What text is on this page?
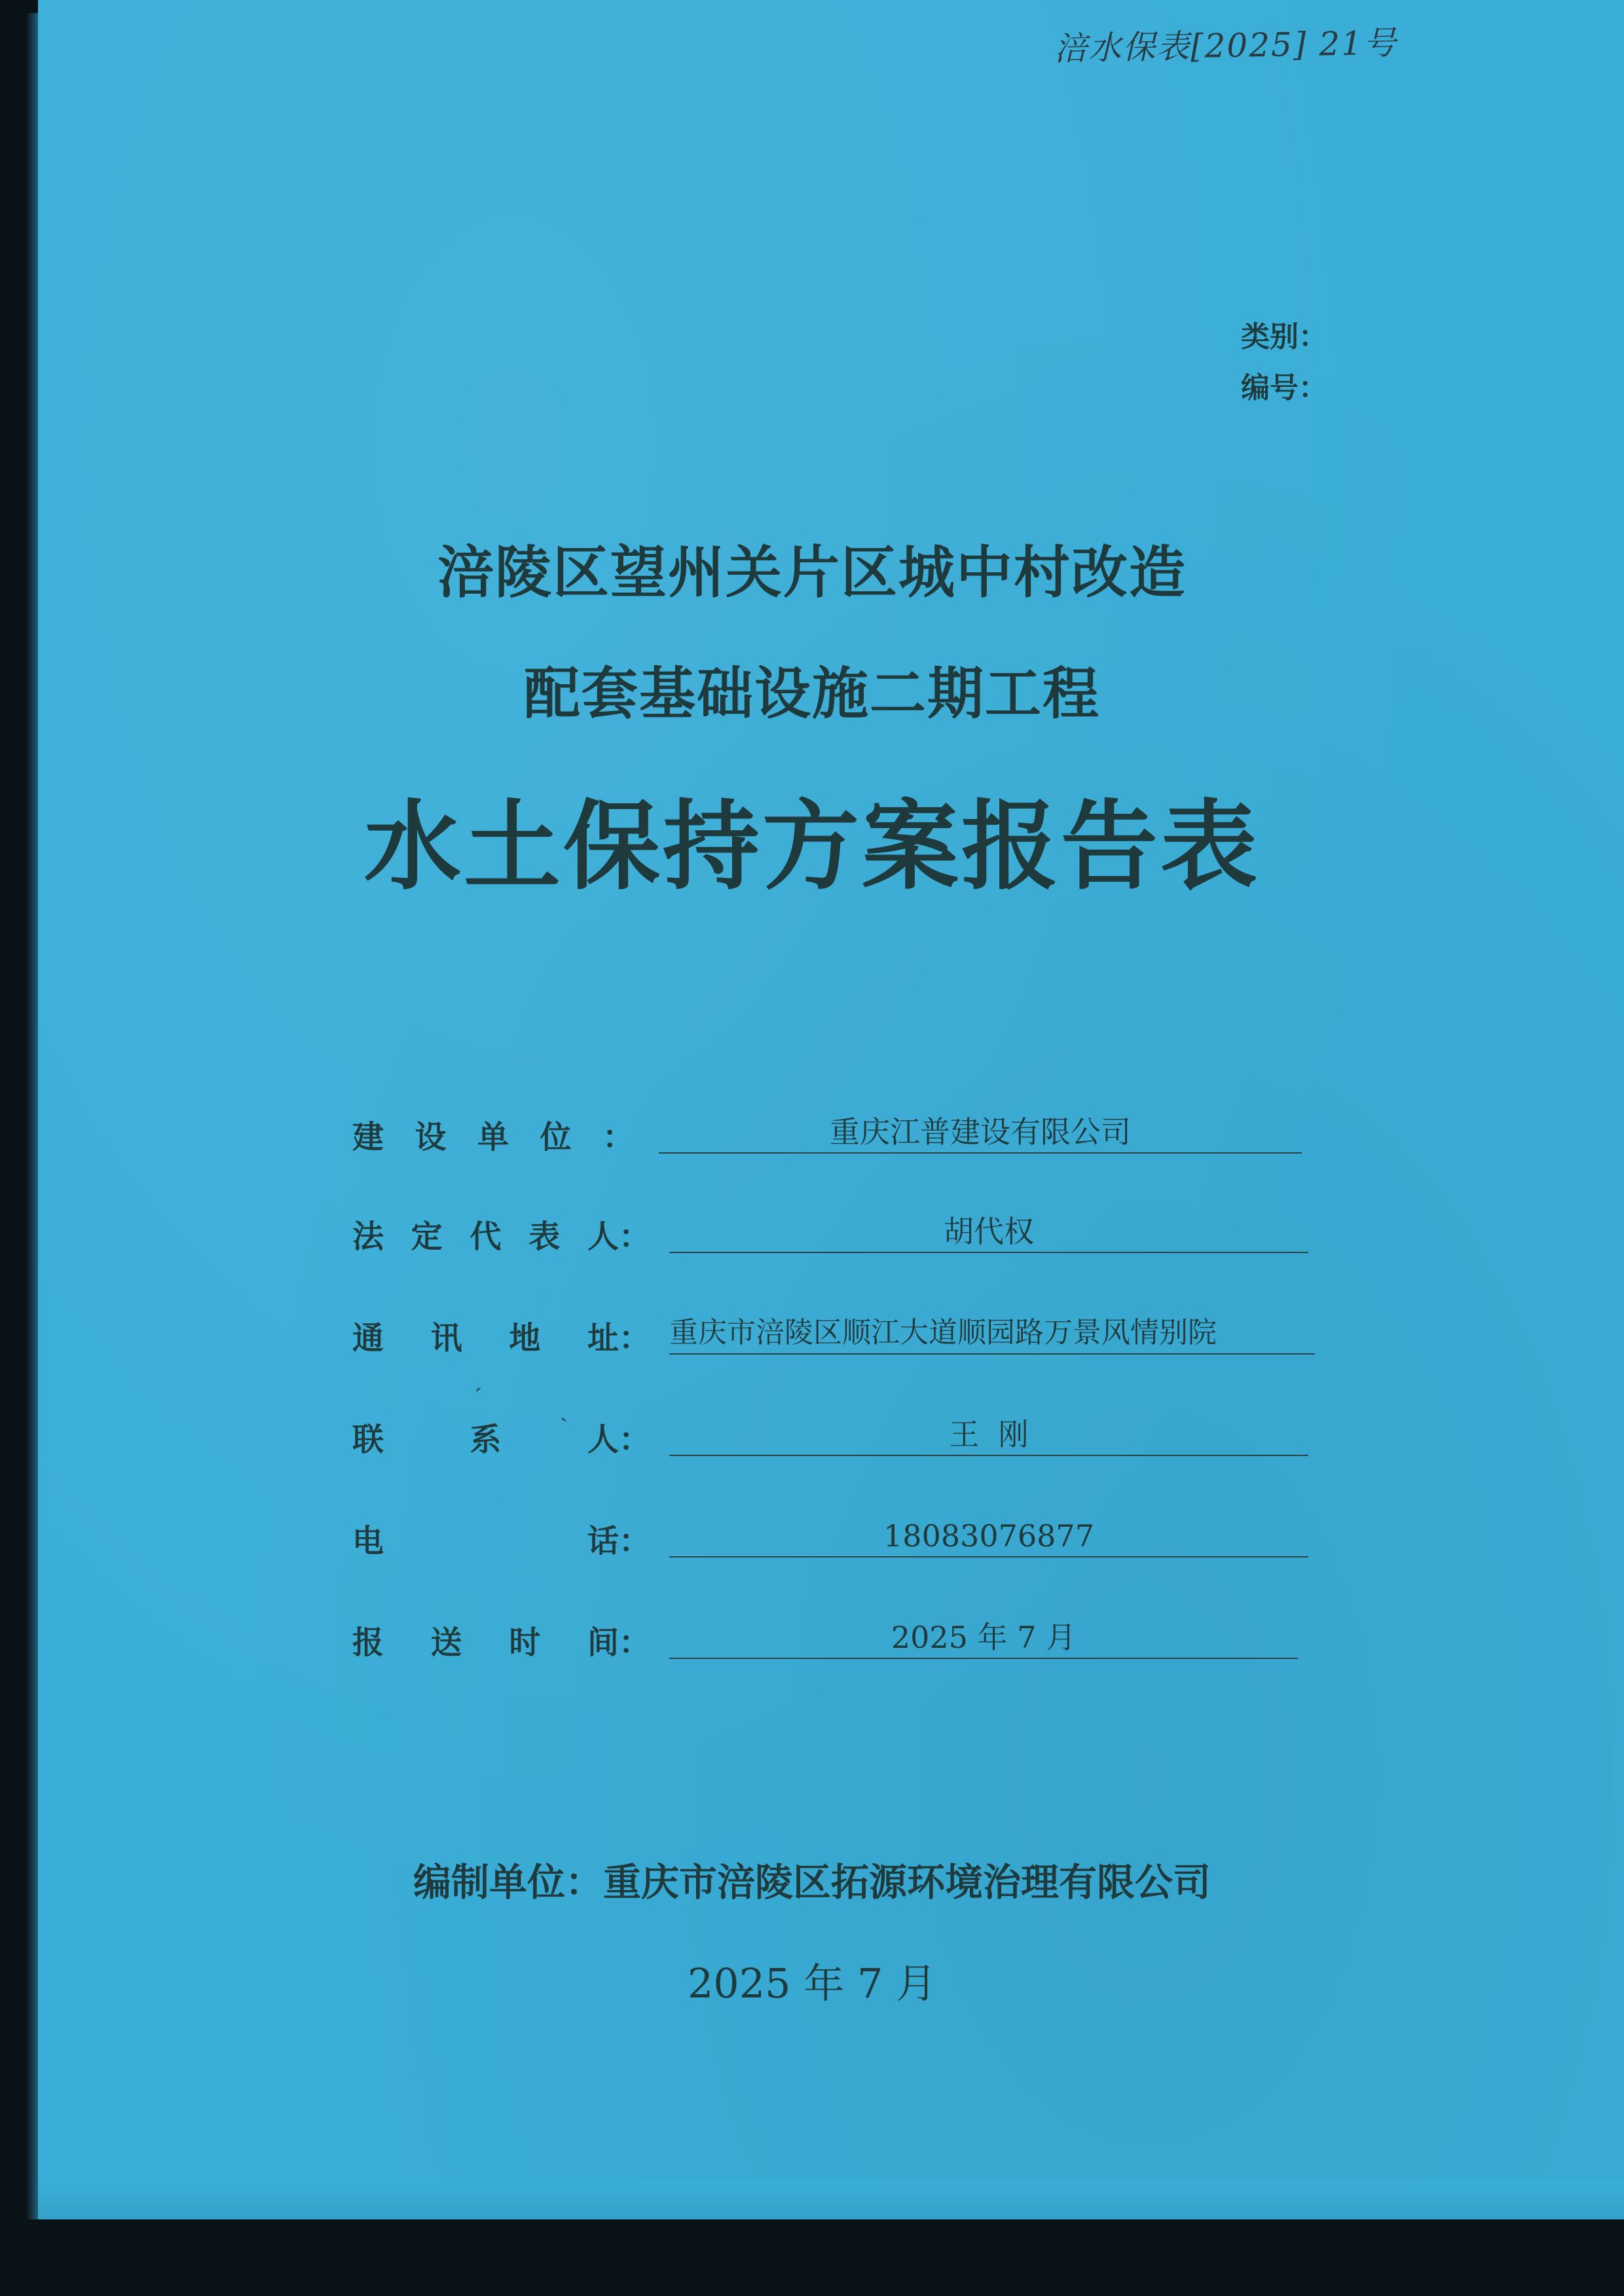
涪水保表[2025] 21号
类别：
编号：
涪陵区望州关片区城中村改造
配套基础设施二期工程
水土保持方案报告表
建 设 单 位 ：	重庆江普建设有限公司
法 定 代 表 人：	胡代权
通 讯 地 址： 重庆市涪陵区顺江大道顺园路万景风情别院
联	系	人：	王  刚
电	话：	18083076877
报 送 时 间：	2025 年 7 月
编制单位：重庆市涪陵区拓源环境治理有限公司
2025 年 7 月
ˊ
ˋ
